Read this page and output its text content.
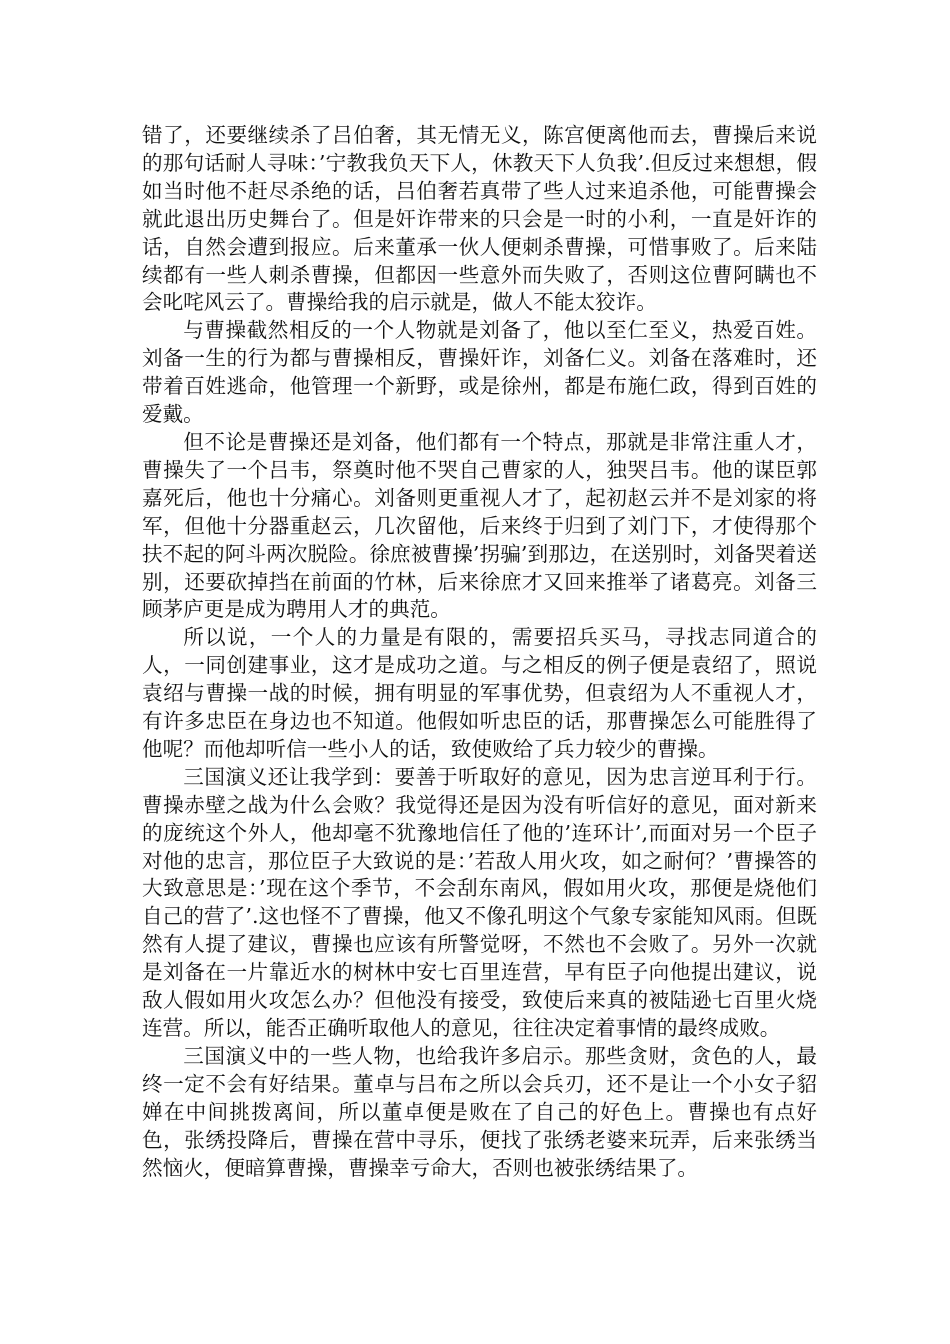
错了，还要继续杀了吕伯奢，其无情无义，陈宫便离他而去，曹操后来说的那句话耐人寻味：’宁教我负天下人，休教天下人负我’.但反过来想想，假如当时他不赶尽杀绝的话，吕伯奢若真带了些人过来追杀他，可能曹操会就此退出历史舞台了。但是奸诈带来的只会是一时的小利，一直是奸诈的话，自然会遭到报应。后来董承一伙人便刺杀曹操，可惜事败了。后来陆续都有一些人刺杀曹操，但都因一些意外而失败了，否则这位曹阿瞒也不会叱咤风云了。曹操给我的启示就是，做人不能太狡诈。

与曹操截然相反的一个人物就是刘备了，他以至仁至义，热爱百姓。刘备一生的行为都与曹操相反，曹操奸诈，刘备仁义。刘备在落难时，还带着百姓逃命，他管理一个新野，或是徐州，都是布施仁政，得到百姓的爱戴。

但不论是曹操还是刘备，他们都有一个特点，那就是非常注重人才，曹操失了一个吕韦，祭奠时他不哭自己曹家的人，独哭吕韦。他的谋臣郭嘉死后，他也十分痛心。刘备则更重视人才了，起初赵云并不是刘家的将军，但他十分器重赵云，几次留他，后来终于归到了刘门下，才使得那个扶不起的阿斗两次脱险。徐庶被曹操’拐骗’到那边，在送别时，刘备哭着送别，还要砍掉挡在前面的竹林，后来徐庶才又回来推举了诸葛亮。刘备三顾茅庐更是成为聘用人才的典范。

所以说，一个人的力量是有限的，需要招兵买马，寻找志同道合的人，一同创建事业，这才是成功之道。与之相反的例子便是袁绍了，照说袁绍与曹操一战的时候，拥有明显的军事优势，但袁绍为人不重视人才，有许多忠臣在身边也不知道。他假如听忠臣的话，那曹操怎么可能胜得了他呢？而他却听信一些小人的话，致使败给了兵力较少的曹操。

三国演义还让我学到：要善于听取好的意见，因为忠言逆耳利于行。曹操赤壁之战为什么会败？我觉得还是因为没有听信好的意见，面对新来的庞统这个外人，他却毫不犹豫地信任了他的’连环计’,而面对另一个臣子对他的忠言，那位臣子大致说的是：’若敌人用火攻，如之耐何？’曹操答的大致意思是：’现在这个季节，不会刮东南风，假如用火攻，那便是烧他们自己的营了’.这也怪不了曹操，他又不像孔明这个气象专家能知风雨。但既然有人提了建议，曹操也应该有所警觉呀，不然也不会败了。另外一次就是刘备在一片靠近水的树林中安七百里连营，早有臣子向他提出建议，说敌人假如用火攻怎么办？但他没有接受，致使后来真的被陆逊七百里火烧连营。所以，能否正确听取他人的意见，往往决定着事情的最终成败。

三国演义中的一些人物，也给我许多启示。那些贪财，贪色的人，最终一定不会有好结果。董卓与吕布之所以会兵刃，还不是让一个小女子貂婵在中间挑拨离间，所以董卓便是败在了自己的好色上。曹操也有点好色，张绣投降后，曹操在营中寻乐，便找了张绣老婆来玩弄，后来张绣当然恼火，便暗算曹操，曹操幸亏命大，否则也被张绣结果了。
